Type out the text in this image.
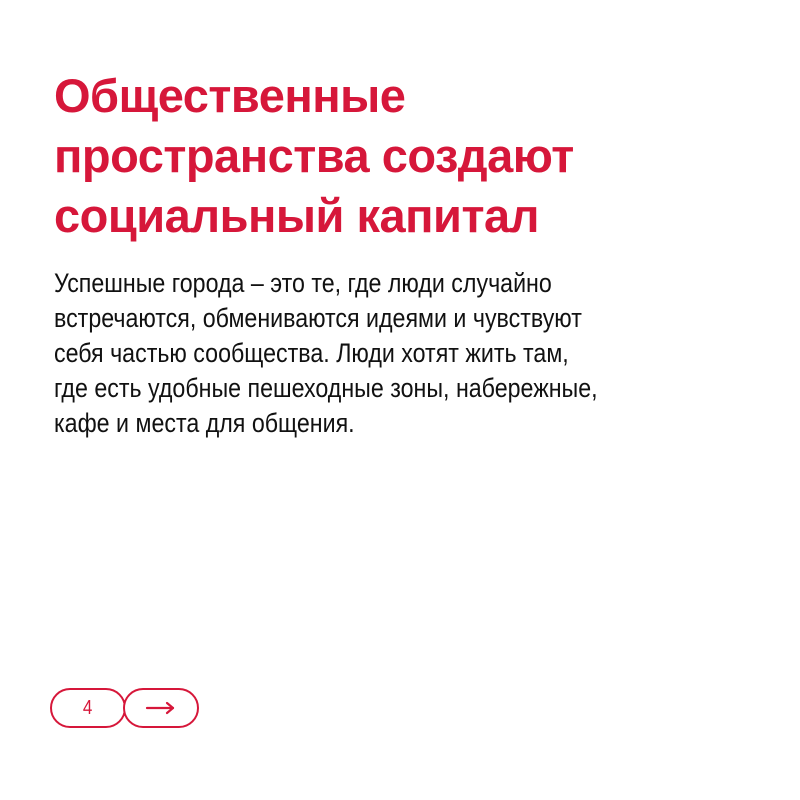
Общественные
пространства создают
социальный капитал

Успешные города – это те, где люди случайно
встречаются, обмениваются идеями и чувствуют
себя частью сообщества. Люди хотят жить там,
где есть удобные пешеходные зоны, набережные,
кафе и места для общения.

4
